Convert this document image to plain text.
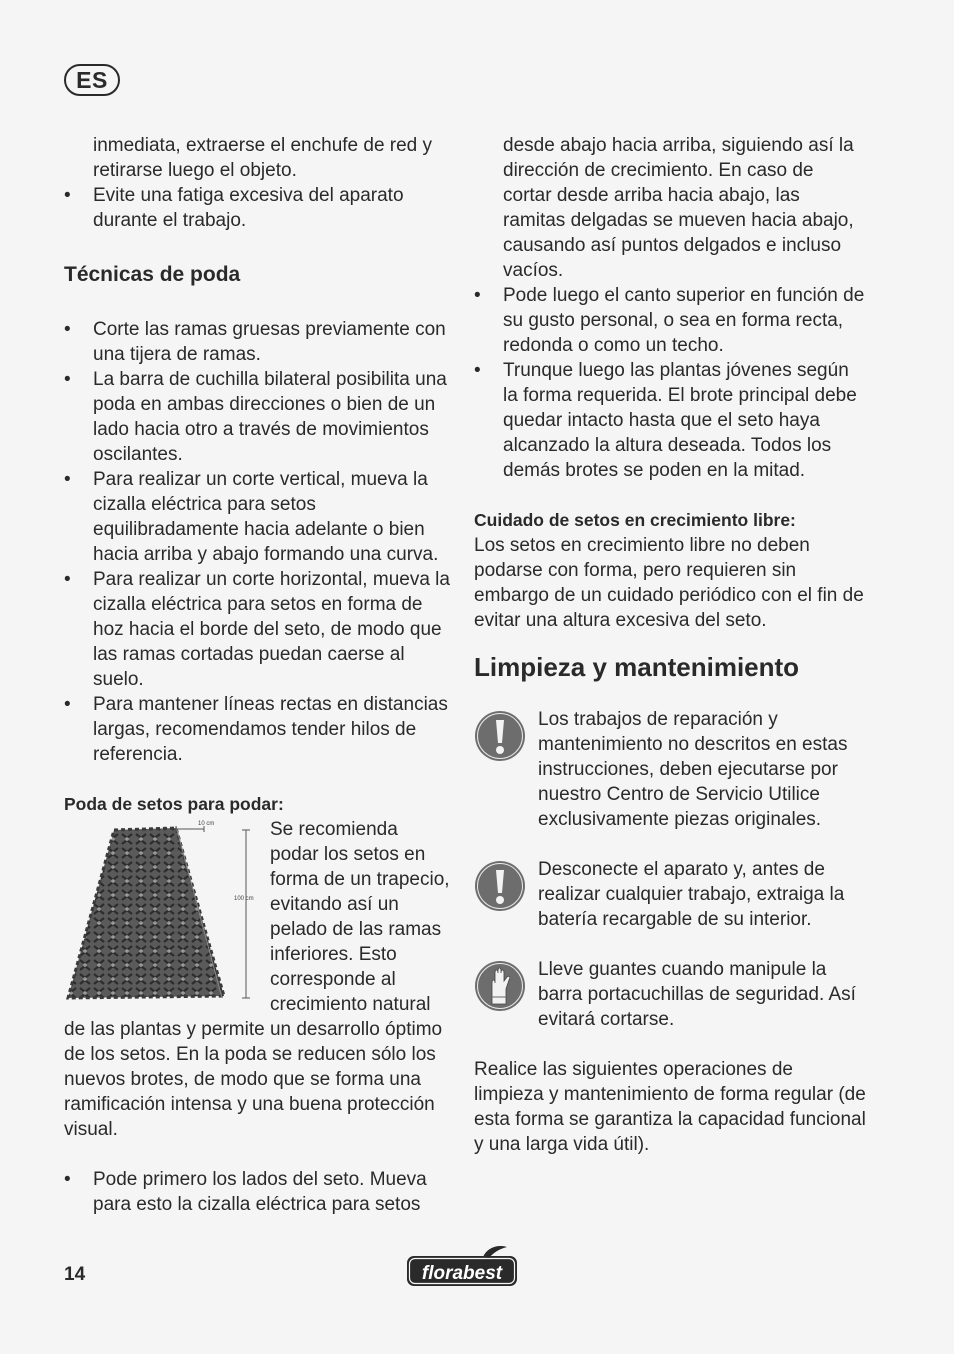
ES

inmediata, extraerse el enchufe de red y retirarse luego el objeto.

• Evite una fatiga excesiva del aparato durante el trabajo.
Técnicas de poda
• Corte las ramas gruesas previamente con una tijera de ramas.
• La barra de cuchilla bilateral posibilita una poda en ambas direcciones o bien de un lado hacia otro a través de movimientos oscilantes.
• Para realizar un corte vertical, mueva la cizalla eléctrica para setos equilibradamente hacia adelante o bien hacia arriba y abajo formando una curva.
• Para realizar un corte horizontal, mueva la cizalla eléctrica para setos en forma de hoz hacia el borde del seto, de modo que las ramas cortadas puedan caerse al suelo.
• Para mantener líneas rectas en distancias largas, recomendamos tender hilos de referencia.
Poda de setos para podar:
10 cm
100 cm

Se recomienda podar los setos en forma de un trapecio, evitando así un pelado de las ramas inferiores. Esto corresponde al crecimiento natural de las plantas y permite un desarrollo óptimo de los setos. En la poda se reducen sólo los nuevos brotes, de modo que se forma una ramificación intensa y una buena protección visual.

• Pode primero los lados del seto. Mueva para esto la cizalla eléctrica para setos

desde abajo hacia arriba, siguiendo así la dirección de crecimiento. En caso de cortar desde arriba hacia abajo, las ramitas delgadas se mueven hacia abajo, causando así puntos delgados e incluso vacíos.

• Pode luego el canto superior en función de su gusto personal, o sea en forma recta, redonda o como un techo.
• Trunque luego las plantas jóvenes según la forma requerida. El brote principal debe quedar intacto hasta que el seto haya alcanzado la altura deseada. Todos los demás brotes se poden en la mitad.
Cuidado de setos en crecimiento libre:

Los setos en crecimiento libre no deben podarse con forma, pero requieren sin embargo de un cuidado periódico con el fin de evitar una altura excesiva del seto.

Limpieza y mantenimiento

Los trabajos de reparación y mantenimiento no descritos en estas instrucciones, deben ejecutarse por nuestro Centro de Servicio Utilice exclusivamente piezas originales.

Desconecte el aparato y, antes de realizar cualquier trabajo, extraiga la batería recargable de su interior.

Lleve guantes cuando manipule la barra portacuchillas de seguridad. Así evitará cortarse.

Realice las siguientes operaciones de limpieza y mantenimiento de forma regular (de esta forma se garantiza la capacidad funcional y una larga vida útil).

14	florabest
